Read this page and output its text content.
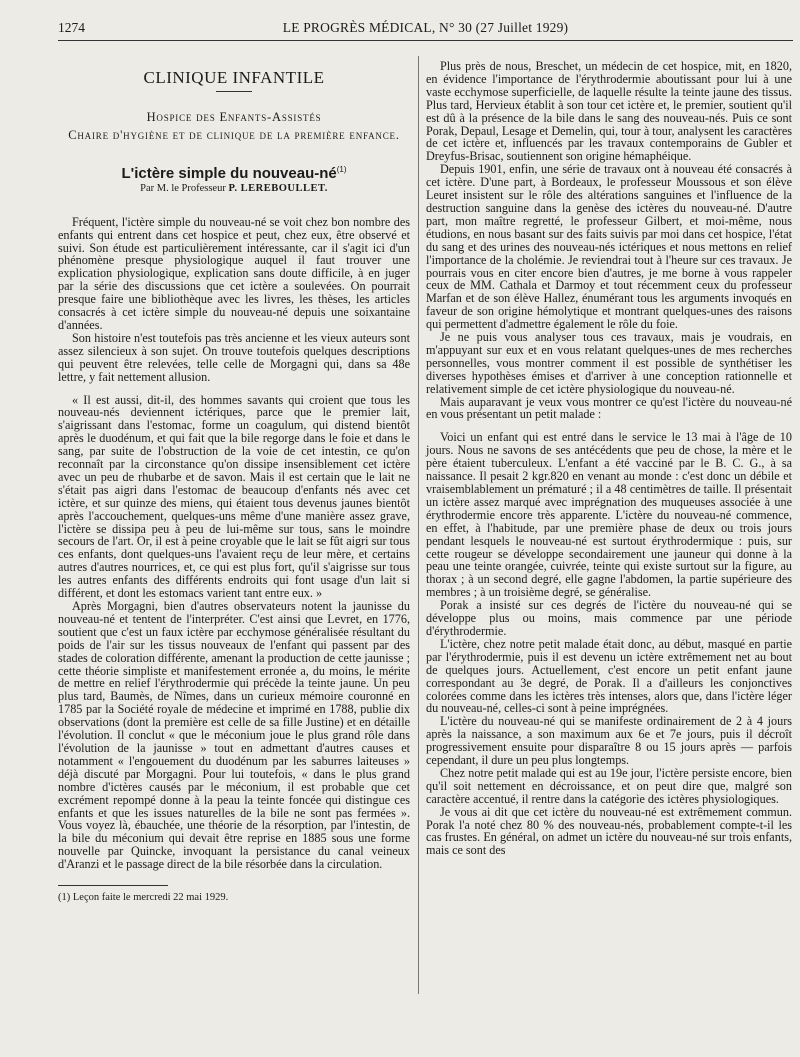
1274	LE PROGRÈS MÉDICAL, N° 30 (27 Juillet 1929)
CLINIQUE INFANTILE
Hospice des Enfants-Assistés
Chaire d'hygiène et de clinique de la première enfance.
L'ictère simple du nouveau-$né^{(1)}$
Par M. le Professeur P. LEREBOULLET.

Fréquent, l'ictère simple du nouveau-né se voit chez bon nombre des enfants qui entrent dans cet hospice et peut, chez eux, être observé et suivi. Son étude est particulièrement intéressante, car il s'agit ici d'un phénomène presque physiologique auquel il faut trouver une explication physiologique, explication sans doute difficile, à en juger par la série des discussions que cet ictère a soulevées. On pourrait presque faire une bibliothèque avec les livres, les thèses, les articles consacrés à cet ictère simple du nouveau-né depuis une soixantaine d'années.

Son histoire n'est toutefois pas très ancienne et les vieux auteurs sont assez silencieux à son sujet. On trouve toutefois quelques descriptions qui peuvent être relevées, telle celle de Morgagni qui, dans sa 48e lettre, y fait nettement allusion.

« Il est aussi, dit-il, des hommes savants qui croient que tous les nouveau-nés deviennent ictériques, parce que le premier lait, s'aigrissant dans l'estomac, forme un coagulum, qui distend bientôt après le duodénum, et qui fait que la bile regorge dans le foie et dans le sang, par suite de l'obstruction de la voie de cet intestin, ce qu'on reconnaît par la circonstance qu'on dissipe insensiblement cet ictère avec un peu de rhubarbe et de savon. Mais il est certain que le lait ne s'était pas aigri dans l'estomac de beaucoup d'enfants nés avec cet ictère, et sur quinze des miens, qui étaient tous devenus jaunes bientôt après l'accouchement, quelques-uns même d'une manière assez grave, l'ictère se dissipa peu à peu de lui-même sur tous, sans le moindre secours de l'art. Or, il est à peine croyable que le lait se fût aigri sur tous ces enfants, dont quelques-uns l'avaient reçu de leur mère, et certains autres d'autres nourrices, et, ce qui est plus fort, qu'il s'aigrisse sur tous les autres enfants des différents endroits qui font usage d'un lait si différent, et dont les estomacs varient tant entre eux. »

Après Morgagni, bien d'autres observateurs notent la jaunisse du nouveau-né et tentent de l'interpréter. C'est ainsi que Levret, en 1776, soutient que c'est un faux ictère par ecchymose généralisée résultant du poids de l'air sur les tissus nouveaux de l'enfant qui passent par des stades de coloration différente, amenant la production de cette jaunisse ; cette théorie simpliste et manifestement erronée a, du moins, le mérite de mettre en relief l'érythrodermie qui précède la teinte jaune. Un peu plus tard, Baumès, de Nîmes, dans un curieux mémoire couronné en 1785 par la Société royale de médecine et imprimé en 1788, publie dix observations (dont la première est celle de sa fille Justine) et en détaille l'évolution. Il conclut « que le méconium joue le plus grand rôle dans l'évolution de la jaunisse » tout en admettant d'autres causes et notamment « l'engouement du duodénum par les saburres laiteuses » déjà discuté par Morgagni. Pour lui toutefois, « dans le plus grand nombre d'ictères causés par le méconium, il est probable que cet excrément repompé donne à la peau la teinte foncée qui distingue ces enfants et que les issues naturelles de la bile ne sont pas fermées ». Vous voyez là, ébauchée, une théorie de la résorption, par l'intestin, de la bile du méconium qui devait être reprise en 1885 sous une forme nouvelle par Quincke, invoquant la persistance du canal veineux d'Aranzi et le passage direct de la bile résorbée dans la circulation.

(1) Leçon faite le mercredi 22 mai 1929.

Plus près de nous, Breschet, un médecin de cet hospice, mit, en 1820, en évidence l'importance de l'érythrodermie aboutissant pour lui à une vaste ecchymose superficielle, de laquelle résulte la teinte jaune des tissus. Plus tard, Hervieux établit à son tour cet ictère et, le premier, soutient qu'il est dû à la présence de la bile dans le sang des nouveau-nés. Puis ce sont Porak, Depaul, Lesage et Demelin, qui, tour à tour, analysent les caractères de cet ictère et, influencés par les travaux contemporains de Gubler et Dreyfus-Brisac, soutiennent son origine hémaphéique.

Depuis 1901, enfin, une série de travaux ont à nouveau été consacrés à cet ictère. D'une part, à Bordeaux, le professeur Moussous et son élève Leuret insistent sur le rôle des altérations sanguines et l'influence de la destruction sanguine dans la genèse des ictères du nouveau-né. D'autre part, mon maître regretté, le professeur Gilbert, et moi-même, nous étudions, en nous basant sur des faits suivis par moi dans cet hospice, l'état du sang et des urines des nouveau-nés ictériques et nous mettons en relief l'importance de la cholémie. Je reviendrai tout à l'heure sur ces travaux. Je pourrais vous en citer encore bien d'autres, je me borne à vous rappeler ceux de MM. Cathala et Darmoy et tout récemment ceux du professeur Marfan et de son élève Hallez, énumérant tous les arguments invoqués en faveur de son origine hémolytique et montrant quelques-unes des raisons qui permettent d'admettre également le rôle du foie.

Je ne puis vous analyser tous ces travaux, mais je voudrais, en m'appuyant sur eux et en vous relatant quelques-unes de mes recherches personnelles, vous montrer comment il est possible de synthétiser les diverses hypothèses émises et d'arriver à une conception rationnelle et relativement simple de cet ictère physiologique du nouveau-né.

Mais auparavant je veux vous montrer ce qu'est l'ictère du nouveau-né en vous présentant un petit malade :

Voici un enfant qui est entré dans le service le 13 mai à l'âge de 10 jours. Nous ne savons de ses antécédents que peu de chose, la mère et le père étaient tuberculeux. L'enfant a été vacciné par le B. C. G., à sa naissance. Il pesait 2 kgr.820 en venant au monde : c'est donc un débile et vraisemblablement un prématuré ; il a 48 centimètres de taille. Il présentait un ictère assez marqué avec imprégnation des muqueuses associée à une érythrodermie encore très apparente. L'ictère du nouveau-né commence, en effet, à l'habitude, par une première phase de deux ou trois jours pendant lesquels le nouveau-né est surtout érythrodermique : puis, sur cette rougeur se développe secondairement une jauneur qui donne à la peau une teinte orangée, cuivrée, teinte qui existe surtout sur la figure, au thorax ; à un second degré, elle gagne l'abdomen, la partie supérieure des membres ; à un troisième degré, se généralise.

Porak a insisté sur ces degrés de l'ictère du nouveau-né qui se développe plus ou moins, mais commence par une période d'érythrodermie.

L'ictère, chez notre petit malade était donc, au début, masqué en partie par l'érythrodermie, puis il est devenu un ictère extrêmement net au bout de quelques jours. Actuellement, c'est encore un petit enfant jaune correspondant au 3e degré, de Porak. Il a d'ailleurs les conjonctives colorées comme dans les ictères très intenses, alors que, dans l'ictère léger du nouveau-né, celles-ci sont à peine imprégnées.

L'ictère du nouveau-né qui se manifeste ordinairement de 2 à 4 jours après la naissance, a son maximum aux 6e et 7e jours, puis il décroît progressivement ensuite pour disparaître 8 ou 15 jours après — parfois cependant, il dure un peu plus longtemps.

Chez notre petit malade qui est au 19e jour, l'ictère persiste encore, bien qu'il soit nettement en décroissance, et on peut dire que, malgré son caractère accentué, il rentre dans la catégorie des ictères physiologiques.

Je vous ai dit que cet ictère du nouveau-né est extrêmement commun. Porak l'a noté chez 80 % des nouveau-nés, probablement compte-t-il les cas frustes. En général, on admet un ictère du nouveau-né sur trois enfants, mais ce sont des
